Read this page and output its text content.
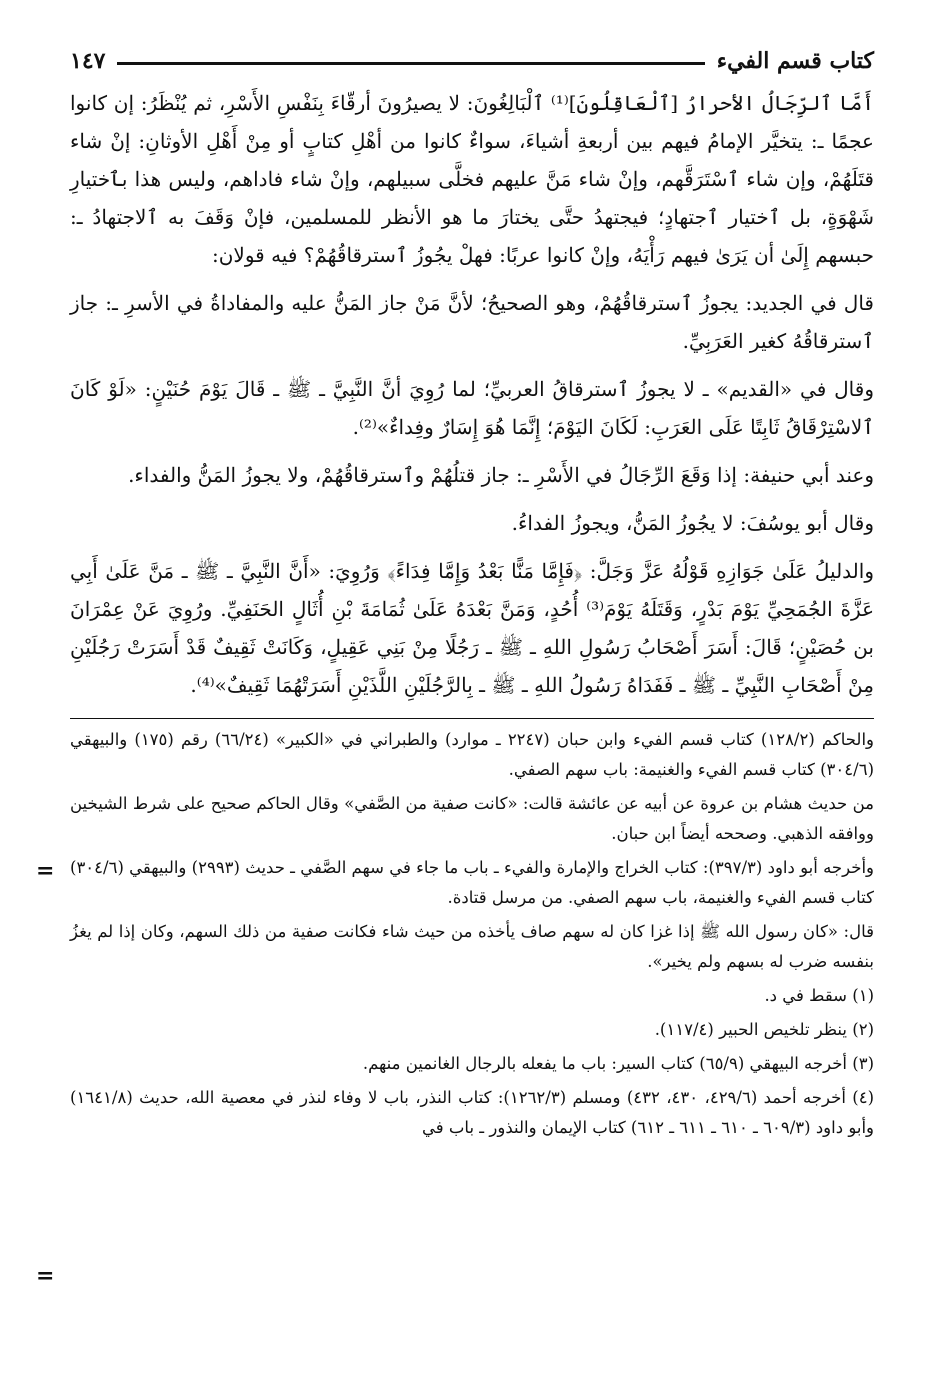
كتاب قسم الفيء
١٤٧

أَمَّا ٱلرِّجَالُ الأحرارُ [ٱلْعَاقِلُونَ]⁽¹⁾ ٱلْبَالِغُونَ: لا يصيرُونَ أرقّاءَ بِنَفْسِ الأَسْرِ، ثم يُنْظَرُ: إن كانوا عجمًا ـ: يتخيَّر الإمامُ فيهم بين أربعةِ أشياءَ، سواءٌ كانوا من أهْلِ كتابٍ أو مِنْ أَهْلِ الأوثانِ: إنْ شاء قتَلَهُمْ، وإن شاء ٱسْتَرَقَّهم، وإنْ شاء مَنَّ عليهم فخلَّى سبيلهم، وإنْ شاء فاداهم، وليس هذا بٱختيارِ شَهْوَةٍ، بل ٱختيار ٱجتهادٍ؛ فيجتهدُ حتَّى يختارَ ما هو الأنظر للمسلمين، فإنْ وَقَفَ به ٱلاجتهادُ ـ: حبسهم إِلَىٰ أن يَرَىٰ فيهم رَأْيَهُ، وإنْ كانوا عربًا: فهلْ يجُوزُ ٱسترقاقُهُمْ؟ فيه قولان:

قال في الجديد: يجوزُ ٱسترقاقُهُمْ، وهو الصحيحُ؛ لأنَّ مَنْ جاز المَنُّ عليه والمفاداةُ في الأسرِ ـ: جاز ٱسترقاقُهُ كغير العَرَبِيِّ.

وقال في «القديم» ـ لا يجوزُ ٱسترقاقُ العربيِّ؛ لما رُوِيَ أنَّ النَّبِيَّ ـ ﷺ ـ قَالَ يَوْمَ حُنَيْنٍ: «لَوْ كَانَ ٱلاسْتِرْقَاقُ ثَابِتًا عَلَى العَرَبِ: لَكَانَ اليَوْمَ؛ إِنَّمَا هُوَ إِسَارٌ وفِداءٌ»⁽²⁾.

وعند أبي حنيفة: إذا وَقَعَ الرِّجَالُ في الأَسْرِ ـ: جاز قتلُهُمْ وٱسترقاقُهُمْ، ولا يجوزُ المَنُّ والفداء.

وقال أبو يوسُفَ: لا يجُوزُ المَنُّ، ويجوزُ الفداءُ.

والدليلُ عَلَىٰ جَوَازِهِ قَوْلُهُ عَزَّ وَجَلَّ: ﴿فَإِمَّا مَنًّا بَعْدُ وَإِمَّا فِدَاءً﴾ وَرُوِيَ: «أَنَّ النَّبِيَّ ـ ﷺ ـ مَنَّ عَلَىٰ أَبِي عَزَّةَ الجُمَحِيِّ يَوْمَ بَدْرٍ، وَقَتَلَهُ يَوْمَ⁽³⁾ أُحُدٍ، وَمَنَّ بَعْدَهُ عَلَىٰ ثُمَامَةَ بْنِ أُثَالٍ الحَنَفِيِّ. ورُوِيَ عَنْ عِمْرَانَ بن حُصَيْنٍ؛ قَالَ: أَسَرَ أَصْحَابُ رَسُولِ اللهِ ـ ﷺ ـ رَجُلًا مِنْ بَنِي عَقِيلٍ، وَكَانَتْ ثَقِيفٌ قَدْ أَسَرَتْ رَجُلَيْنِ مِنْ أَصْحَابِ النَّبِيِّ ـ ﷺ ـ فَفَدَاهُ رَسُولُ اللهِ ـ ﷺ ـ بِالرَّجُلَيْنِ اللَّذَيْنِ أَسَرَتْهُمَا ثَقِيفٌ»⁽⁴⁾.

والحاكم (١٢٨/٢) كتاب قسم الفيء وابن حبان (٢٢٤٧ ـ موارد) والطبراني في «الكبير» (٦٦/٢٤) رقم (١٧٥) والبيهقي (٣٠٤/٦) كتاب قسم الفيء والغنيمة: باب سهم الصفي.

من حديث هشام بن عروة عن أبيه عن عائشة قالت: «كانت صفية من الصَّفي» وقال الحاكم صحيح على شرط الشيخين ووافقه الذهبي. وصححه أيضاً ابن حبان.

وأخرجه أبو داود (٣٩٧/٣): كتاب الخراج والإمارة والفيء ـ باب ما جاء في سهم الصَّفي ـ حديث (٢٩٩٣) والبيهقي (٣٠٤/٦) كتاب قسم الفيء والغنيمة، باب سهم الصفي. من مرسل قتادة.

قال: «كان رسول الله ﷺ إذا غزا كان له سهم صاف يأخذه من حيث شاء فكانت صفية من ذلك السهم، وكان إذا لم يغزُ بنفسه ضرب له بسهم ولم يخير».

(١) سقط في د.

(٢) ينظر تلخيص الحبير (١١٧/٤).

(٣) أخرجه البيهقي (٦٥/٩) كتاب السير: باب ما يفعله بالرجال الغانمين منهم.

(٤) أخرجه أحمد (٤٢٩/٦، ٤٣٠، ٤٣٢) ومسلم (١٢٦٢/٣): كتاب النذر، باب لا وفاء لنذر في معصية الله، حديث (١٦٤١/٨) وأبو داود (٦٠٩/٣ ـ ٦١٠ ـ ٦١١ ـ ٦١٢) كتاب الإيمان والنذور ـ باب في

=
=
